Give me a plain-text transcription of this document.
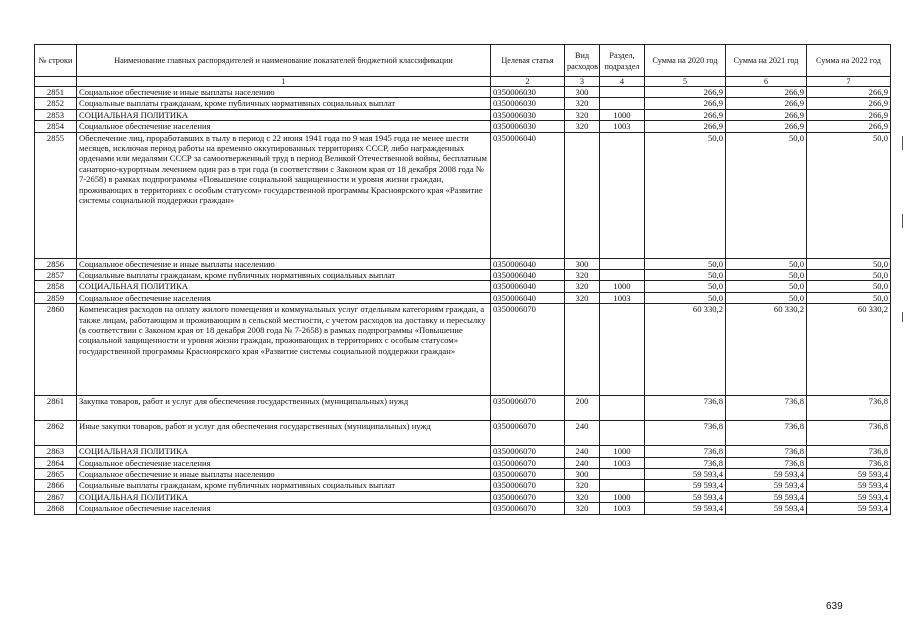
№ строки	Наименование главных распорядителей и наименование показателей бюджетной классификации	Целевая статья	Вид расходов	Раздел, подраздел	Сумма на 2020 год	Сумма на 2021 год	Сумма на 2022 год
	1	2	3	4	5	6	7
2851	Социальное обеспечение и иные выплаты населению	0350006030	300		266,9	266,9	266,9
2852	Социальные выплаты гражданам, кроме публичных нормативных социальных выплат	0350006030	320		266,9	266,9	266,9
2853	СОЦИАЛЬНАЯ ПОЛИТИКА	0350006030	320	1000	266,9	266,9	266,9
2854	Социальное обеспечение населения	0350006030	320	1003	266,9	266,9	266,9
2855	Обеспечение лиц, проработавших в тылу в период с 22 июня 1941 года по 9 мая 1945 года не менее шести месяцев, исключая период работы на временно оккупированных территориях СССР, либо награжденных орденами или медалями СССР за самоотверженный труд в период Великой Отечественной войны, бесплатным санаторно-курортным лечением один раз в три года (в соответствии с Законом края от 18 декабря 2008 года № 7-2658) в рамках подпрограммы «Повышение социальной защищенности и уровня жизни граждан, проживающих в территориях с особым статусом» государственной программы Красноярского края «Развитие системы социальной поддержки граждан»	0350006040			50,0	50,0	50,0
2856	Социальное обеспечение и иные выплаты населению	0350006040	300		50,0	50,0	50,0
2857	Социальные выплаты гражданам, кроме публичных нормативных социальных выплат	0350006040	320		50,0	50,0	50,0
2858	СОЦИАЛЬНАЯ ПОЛИТИКА	0350006040	320	1000	50,0	50,0	50,0
2859	Социальное обеспечение населения	0350006040	320	1003	50,0	50,0	50,0
2860	Компенсация расходов на оплату жилого помещения и коммунальных услуг отдельным категориям граждан, а также лицам, работающим и проживающим в сельской местности, с учетом расходов на доставку и пересылку (в соответствии с Законом края от 18 декабря 2008 года № 7-2658) в рамках подпрограммы «Повышение социальной защищенности и уровня жизни граждан, проживающих в территориях с особым статусом» государственной программы Красноярского края «Развитие системы социальной поддержки граждан»	0350006070			60 330,2	60 330,2	60 330,2
2861	Закупка товаров, работ и услуг для обеспечения государственных (муниципальных) нужд	0350006070	200		736,8	736,8	736,8
2862	Иные закупки товаров, работ и услуг для обеспечения государственных (муниципальных) нужд	0350006070	240		736,8	736,8	736,8
2863	СОЦИАЛЬНАЯ ПОЛИТИКА	0350006070	240	1000	736,8	736,8	736,8
2864	Социальное обеспечение населения	0350006070	240	1003	736,8	736,8	736,8
2865	Социальное обеспечение и иные выплаты населению	0350006070	300		59 593,4	59 593,4	59 593,4
2866	Социальные выплаты гражданам, кроме публичных нормативных социальных выплат	0350006070	320		59 593,4	59 593,4	59 593,4
2867	СОЦИАЛЬНАЯ ПОЛИТИКА	0350006070	320	1000	59 593,4	59 593,4	59 593,4
2868	Социальное обеспечение населения	0350006070	320	1003	59 593,4	59 593,4	59 593,4
639
